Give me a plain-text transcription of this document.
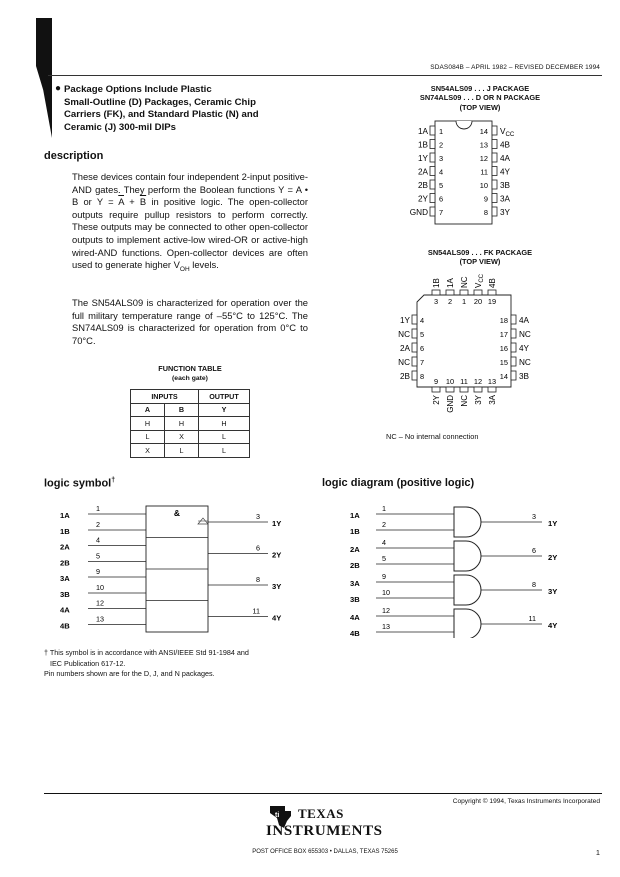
SDAS084B – APRIL 1982 – REVISED DECEMBER 1994
● Package Options Include Plastic
Small-Outline (D) Packages, Ceramic Chip
Carriers (FK), and Standard Plastic (N) and
Ceramic (J) 300-mil DIPs
SN54ALS09 . . . J PACKAGE
SN74ALS09 . . . D OR N PACKAGE
(TOP VIEW)
1A 1	14 $V_{CC}$
1B 2	13 4B
1Y 3	12 4A
2A 4	11 4Y
2B 5	10 3B
2Y 6	9 3A
GND 7	8 3Y
SN54ALS09 . . . FK PACKAGE
(TOP VIEW)
1B
3
9
2Y
1A
2
10
GND
NC
1
11
NC
$V_{CC}$
20
12
3Y
4B
19
13
3A
1Y 4	18 4A
NC 5	17 NC
2A 6	16 4Y
NC 7	15 NC
2B 8	14 3B
NC – No internal connection
description

These devices contain four independent 2-input positive-AND gates. They perform the Boolean functions Y = A • B or $Y = \overline{A} + \overline{B}$ in positive logic. The open-collector outputs require pullup resistors to perform correctly. These outputs may be connected to other open-collector outputs to implement active-low wired-OR or active-high wired-AND functions. Open-collector devices are often used to generate higher $V_{OH}$ levels.

The SN54ALS09 is characterized for operation over the full military temperature range of –55°C to 125°C. The SN74ALS09 is characterized for operation from 0°C to 70°C.

FUNCTION TABLE
(each gate)
INPUTS		OUTPUT
A	B	Y
H	H	H
L	X	L
X	L	L
logic symbol†	logic diagram (positive logic)
&
1A
1
1B
2
3
1Y
2A
4
2B
5
6
2Y
3A
9
3B
10
8
3Y
4A
12
4B
13
11
4Y
1A
1
1B
2
3
1Y
2A
4
2B
5
6
2Y
3A
9
3B
10
8
3Y
4A
12
4B
13
11
4Y
† This symbol is in accordance with ANSI/IEEE Std 91-1984 and
IEC Publication 617-12.
Pin numbers shown are for the D, J, and N packages.
Copyright © 1994, Texas Instruments Incorporated
ti TEXAS
INSTRUMENTS
POST OFFICE BOX 655303 • DALLAS, TEXAS 75265	1
